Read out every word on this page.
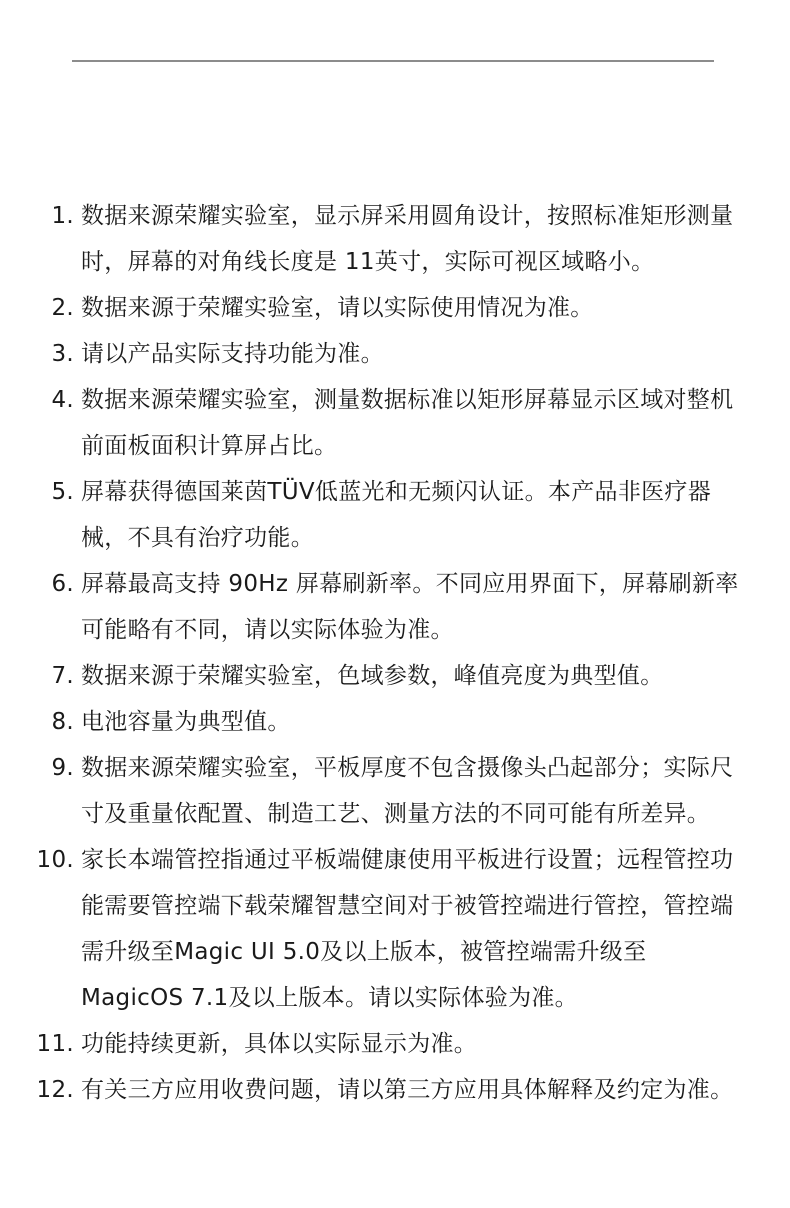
1. 数据来源荣耀实验室，显示屏采用圆角设计，按照标准矩形测量时，屏幕的对角线长度是 11英寸，实际可视区域略小。
2. 数据来源于荣耀实验室，请以实际使用情况为准。
3. 请以产品实际支持功能为准。
4. 数据来源荣耀实验室，测量数据标准以矩形屏幕显示区域对整机前面板面积计算屏占比。
5. 屏幕获得德国莱茵TÜV低蓝光和无频闪认证。本产品非医疗器械，不具有治疗功能。
6. 屏幕最高支持 90Hz 屏幕刷新率。不同应用界面下，屏幕刷新率可能略有不同，请以实际体验为准。
7. 数据来源于荣耀实验室，色域参数，峰值亮度为典型值。
8. 电池容量为典型值。
9. 数据来源荣耀实验室，平板厚度不包含摄像头凸起部分；实际尺寸及重量依配置、制造工艺、测量方法的不同可能有所差异。
10. 家长本端管控指通过平板端健康使用平板进行设置；远程管控功能需要管控端下载荣耀智慧空间对于被管控端进行管控，管控端需升级至Magic UI 5.0及以上版本，被管控端需升级至MagicOS 7.1及以上版本。请以实际体验为准。
11. 功能持续更新，具体以实际显示为准。
12. 有关三方应用收费问题，请以第三方应用具体解释及约定为准。
